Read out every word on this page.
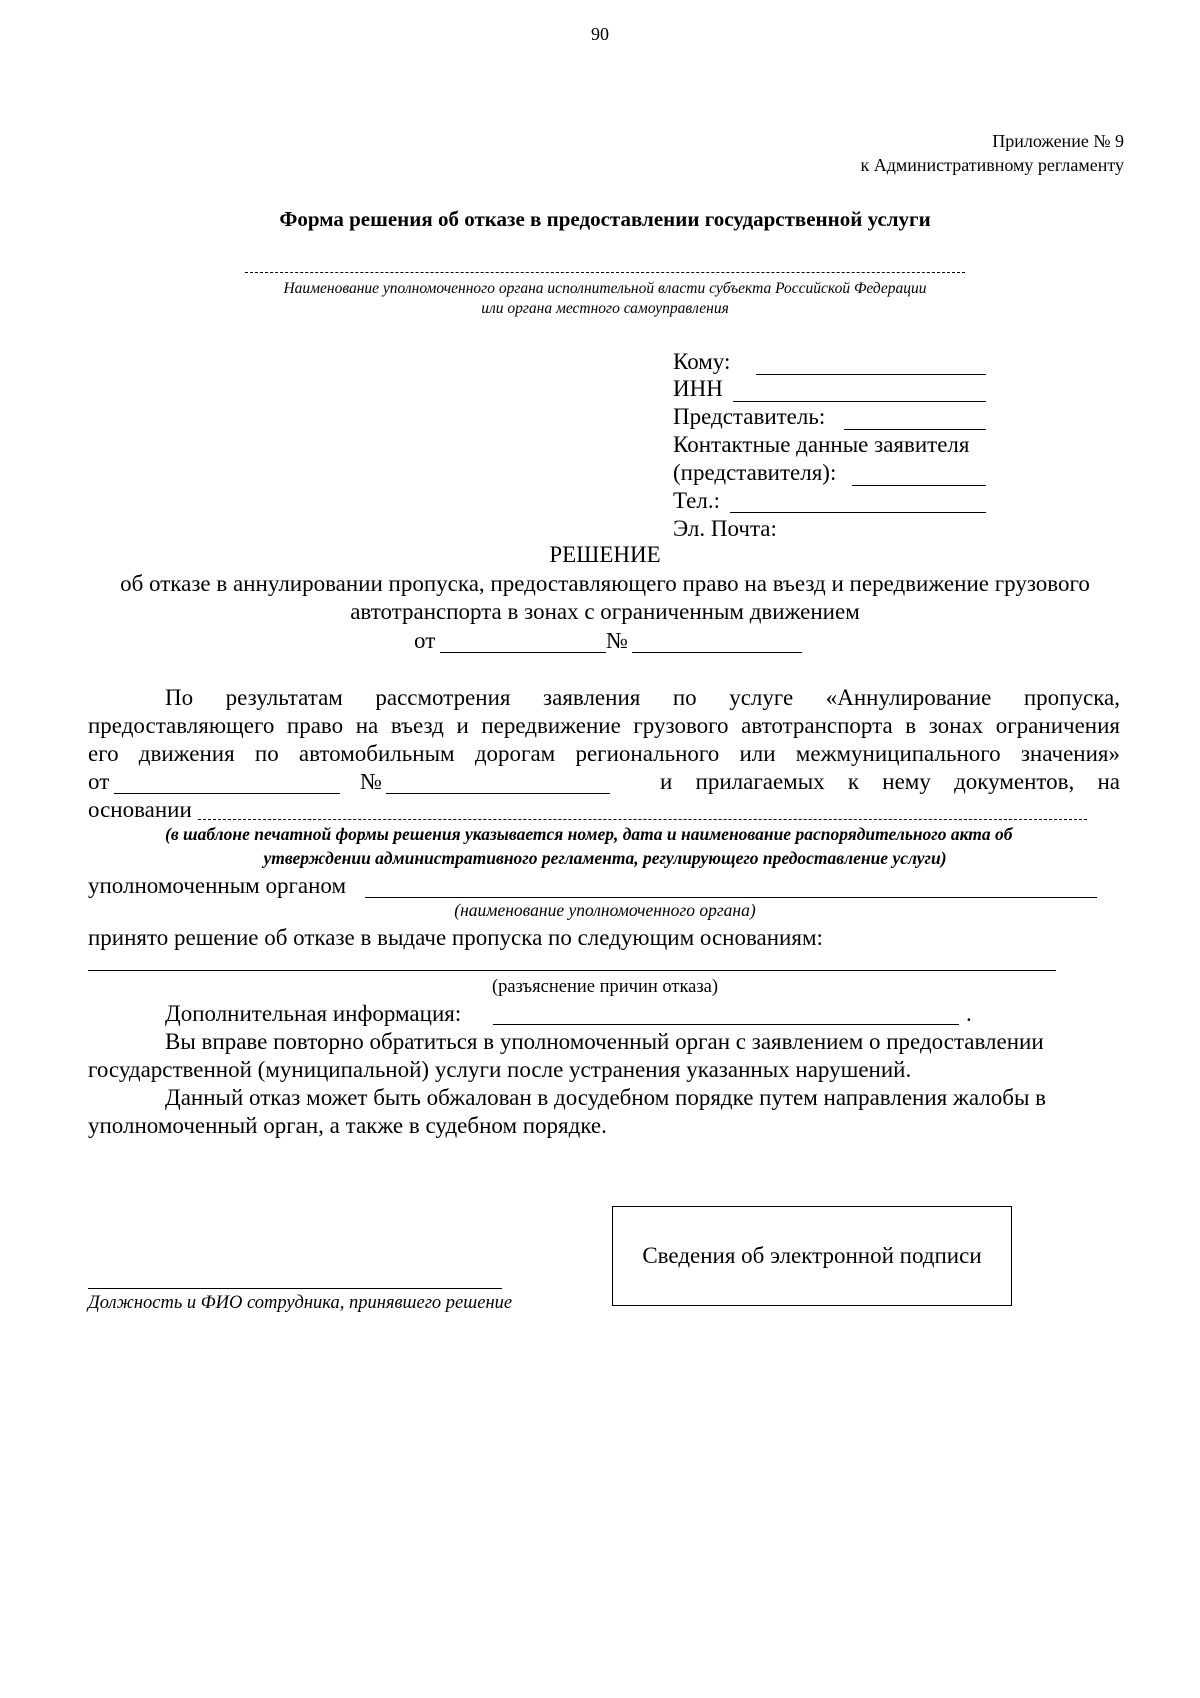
90
Приложение № 9
к Административному регламенту
Форма решения об отказе в предоставлении государственной услуги
Наименование уполномоченного органа исполнительной власти субъекта Российской Федерации
или органа местного самоуправления
Кому:
ИНН
Представитель:
Контактные данные заявителя
(представителя):
Тел.:
Эл. Почта:
РЕШЕНИЕ
об отказе в аннулировании пропуска, предоставляющего право на въезд и передвижение грузового
автотранспорта в зонах с ограниченным движением
от	№
По результатам рассмотрения заявления по услуге «Аннулирование пропуска,
предоставляющего право на въезд и передвижение грузового автотранспорта в зонах ограничения
его движения по автомобильным дорогам регионального или межмуниципального значения»
от	№	и прилагаемых к нему документов, на
основании
(в шаблоне печатной формы решения указывается номер, дата и наименование распорядительного акта об
утверждении административного регламента, регулирующего предоставление услуги)
уполномоченным органом
(наименование уполномоченного органа)
принято решение об отказе в выдаче пропуска по следующим основаниям:
(разъяснение причин отказа)
Дополнительная информация:	.
Вы вправе повторно обратиться в уполномоченный орган с заявлением о предоставлении
государственной (муниципальной) услуги после устранения указанных нарушений.
Данный отказ может быть обжалован в досудебном порядке путем направления жалобы в
уполномоченный орган, а также в судебном порядке.
Должность и ФИО сотрудника, принявшего решение
Сведения об электронной подписи
